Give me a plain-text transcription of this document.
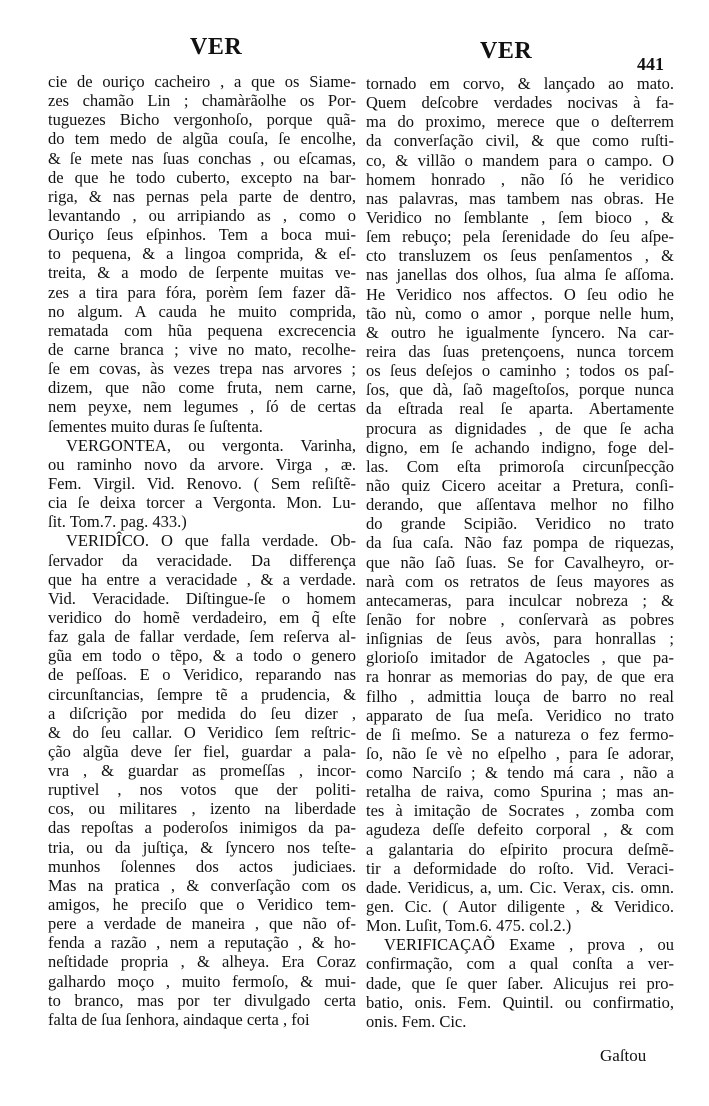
VER	VER	441
cie de ouriço cacheiro , a que os Siame-
zes chamão Lin ; chamàrãolhe os Por-
tuguezes Bicho vergonhoſo, porque quã-
do tem medo de algũa couſa, ſe encolhe,
& ſe mete nas ſuas conchas , ou eſcamas,
de que he todo cuberto, excepto na bar-
riga, & nas pernas pela parte de dentro,
levantando , ou arripiando as , como o
Ouriço ſeus eſpinhos. Tem a boca mui-
to pequena, & a lingoa comprida, & eſ-
treita, & a modo de ſerpente muitas ve-
zes a tira para fóra, porèm ſem fazer dã-
no algum. A cauda he muito comprida,
rematada com hũa pequena excrecencia
de carne branca ; vive no mato, recolhe-
ſe em covas, às vezes trepa nas arvores ;
dizem, que não come fruta, nem carne,
nem peyxe, nem legumes , ſó de certas
ſementes muito duras ſe ſuſtenta.
VERGONTEA, ou vergonta. Varinha,
ou raminho novo da arvore. Virga , æ.
Fem. Virgil. Vid. Renovo. ( Sem reſiſtẽ-
cia ſe deixa torcer a Vergonta. Mon. Lu-
ſit. Tom.7. pag. 433.)
VERIDÎCO. O que falla verdade. Ob-
ſervador da veracidade. Da differença
que ha entre a veracidade , & a verdade.
Vid. Veracidade. Diſtingue-ſe o homem
veridico do homẽ verdadeiro, em q̃ eſte
faz gala de fallar verdade, ſem reſerva al-
gũa em todo o tẽpo, & a todo o genero
de peſſoas. E o Veridico, reparando nas
circunſtancias, ſempre tẽ a prudencia, &
a diſcrição por medida do ſeu dizer ,
& do ſeu callar. O Veridico ſem reſtric-
ção algũa deve ſer fiel, guardar a pala-
vra , & guardar as promeſſas , incor-
ruptivel , nos votos que der politi-
cos, ou militares , izento na liberdade
das repoſtas a poderoſos inimigos da pa-
tria, ou da juſtiça, & ſyncero nos teſte-
munhos ſolennes dos actos judiciaes.
Mas na pratica , & converſação com os
amigos, he preciſo que o Veridico tem-
pere a verdade de maneira , que não of-
fenda a razão , nem a reputação , & ho-
neſtidade propria , & alheya. Era Coraz
galhardo moço , muito fermoſo, & mui-
to branco, mas por ter divulgado certa
falta de ſua ſenhora, aindaque certa , foi
tornado em corvo, & lançado ao mato.
Quem deſcobre verdades nocivas à fa-
ma do proximo, merece que o deſterrem
da converſação civil, & que como ruſti-
co, & villão o mandem para o campo. O
homem honrado , não ſó he veridico
nas palavras, mas tambem nas obras. He
Veridico no ſemblante , ſem bioco , &
ſem rebuço; pela ſerenidade do ſeu aſpe-
cto transluzem os ſeus penſamentos , &
nas janellas dos olhos, ſua alma ſe aſſoma.
He Veridico nos affectos. O ſeu odio he
tão nù, como o amor , porque nelle hum,
& outro he igualmente ſyncero. Na car-
reira das ſuas pretençoens, nunca torcem
os ſeus deſejos o caminho ; todos os paſ-
ſos, que dà, ſaõ mageſtoſos, porque nunca
da eſtrada real ſe aparta. Abertamente
procura as dignidades , de que ſe acha
digno, em ſe achando indigno, foge del-
las. Com eſta primoroſa circunſpecção
não quiz Cicero aceitar a Pretura, conſi-
derando, que aſſentava melhor no filho
do grande Scipião. Veridico no trato
da ſua caſa. Não faz pompa de riquezas,
que não ſaõ ſuas. Se for Cavalheyro, or-
narà com os retratos de ſeus mayores as
antecameras, para inculcar nobreza ; &
ſenão for nobre , conſervarà as pobres
inſignias de ſeus avòs, para honrallas ;
glorioſo imitador de Agatocles , que pa-
ra honrar as memorias do pay, de que era
filho , admittia louça de barro no real
apparato de ſua meſa. Veridico no trato
de ſi meſmo. Se a natureza o fez fermo-
ſo, não ſe vè no eſpelho , para ſe adorar,
como Narciſo ; & tendo má cara , não a
retalha de raiva, como Spurina ; mas an-
tes à imitação de Socrates , zomba com
agudeza deſſe defeito corporal , & com
a galantaria do eſpirito procura deſmẽ-
tir a deformidade do roſto. Vid. Veraci-
dade. Veridicus, a, um. Cic. Verax, cis. omn.
gen. Cic. ( Autor diligente , & Veridico.
Mon. Luſit, Tom.6. 475. col.2.)
VERIFICAÇAÕ Exame , prova , ou
confirmação, com a qual conſta a ver-
dade, que ſe quer ſaber. Alicujus rei pro-
batio, onis. Fem. Quintil. ou confirmatio,
onis. Fem. Cic.
Gaſtou
